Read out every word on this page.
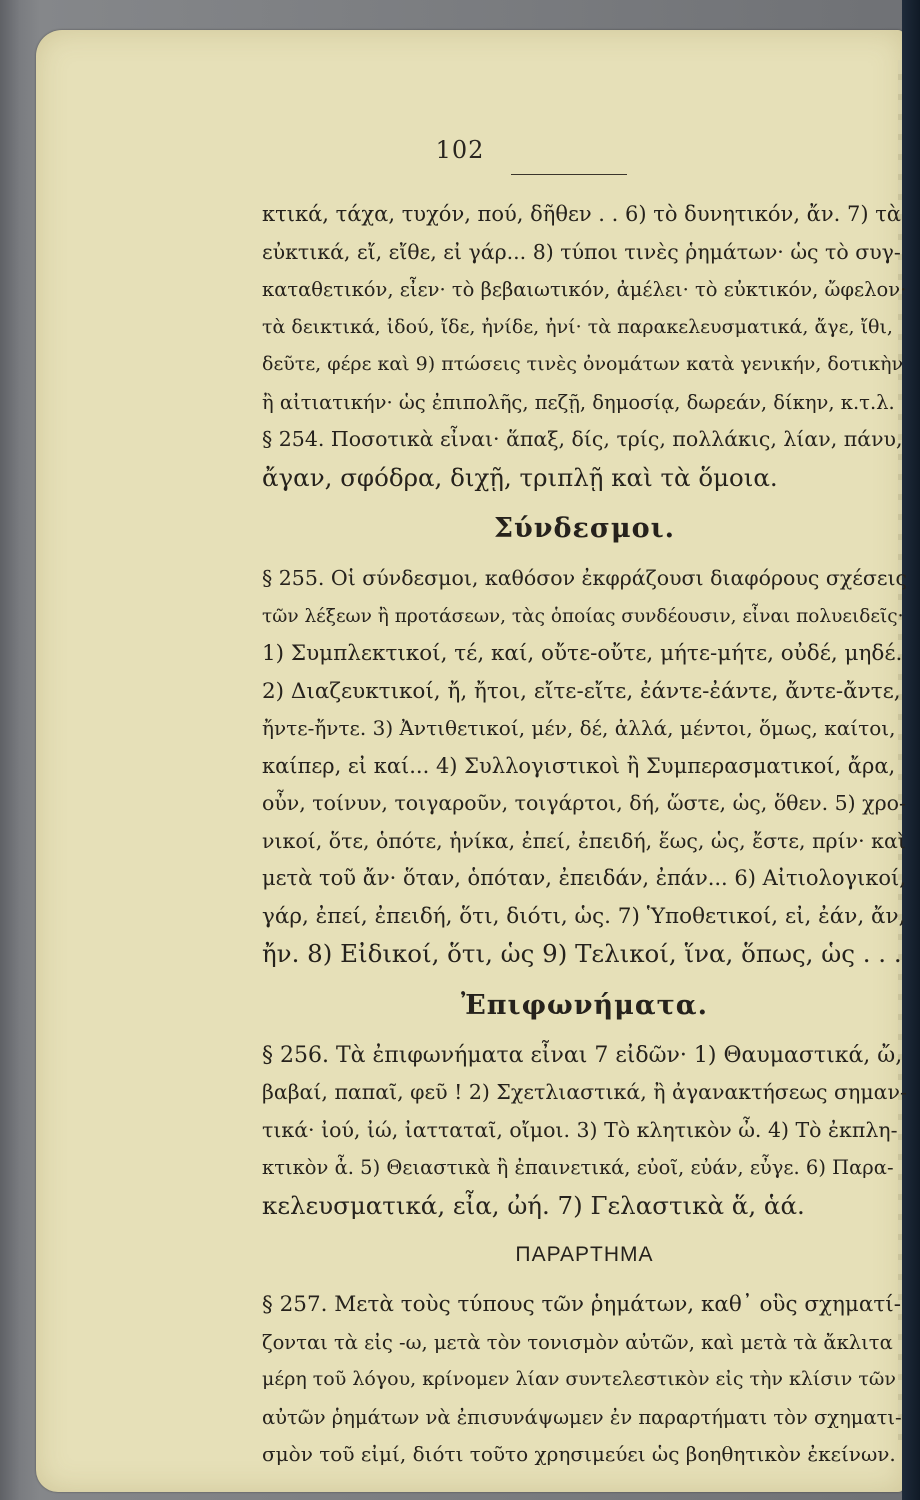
102
κτικά, τάχα, τυχόν, πού, δῆθεν . . 6) τὸ δυνητικόν, ἄν. 7) τὰ
εὐκτικά, εἴ, εἴθε, εἰ γάρ... 8) τύποι τινὲς ῥημάτων· ὡς τὸ συγ-
καταθετικόν, εἶεν· τὸ βεβαιωτικόν, ἀμέλει· τὸ εὐκτικόν, ὤφελον·
τὰ δεικτικά, ἰδού, ἴδε, ἠνίδε, ἠνί· τὰ παρακελευσματικά, ἄγε, ἴθι,
δεῦτε, φέρε καὶ 9) πτώσεις τινὲς ὀνομάτων κατὰ γενικήν, δοτικὴν
ἢ αἰτιατικήν· ὡς ἐπιπολῆς, πεζῇ, δημοσίᾳ, δωρεάν, δίκην, κ.τ.λ.
§ 254. Ποσοτικὰ εἶναι· ἅπαξ, δίς, τρίς, πολλάκις, λίαν, πάνυ,
ἄγαν, σφόδρα, διχῇ, τριπλῇ καὶ τὰ ὅμοια.
Σύνδεσμοι.
§ 255. Οἱ σύνδεσμοι, καθόσον ἐκφράζουσι διαφόρους σχέσεις
τῶν λέξεων ἢ προτάσεων, τὰς ὁποίας συνδέουσιν, εἶναι πολυειδεῖς·
1) Συμπλεκτικοί, τέ, καί, οὔτε-οὔτε, μήτε-μήτε, οὐδέ, μηδέ.
2) Διαζευκτικοί, ἤ, ἤτοι, εἴτε-εἴτε, ἐάντε-ἐάντε, ἄντε-ἄντε,
ἤντε-ἤντε. 3) Ἀντιθετικοί, μέν, δέ, ἀλλά, μέντοι, ὅμως, καίτοι,
καίπερ, εἰ καί... 4) Συλλογιστικοὶ ἢ Συμπερασματικοί, ἄρα,
οὖν, τοίνυν, τοιγαροῦν, τοιγάρτοι, δή, ὥστε, ὡς, ὅθεν. 5) χρο-
νικοί, ὅτε, ὁπότε, ἡνίκα, ἐπεί, ἐπειδή, ἕως, ὡς, ἔστε, πρίν· καὶ
μετὰ τοῦ ἄν· ὅταν, ὁπόταν, ἐπειδάν, ἐπάν... 6) Αἰτιολογικοί,
γάρ, ἐπεί, ἐπειδή, ὅτι, διότι, ὡς. 7) Ὑποθετικοί, εἰ, ἐάν, ἄν,
ἤν. 8) Εἰδικοί, ὅτι, ὡς 9) Τελικοί, ἵνα, ὅπως, ὡς . . .
Ἐπιφωνήματα.
§ 256. Τὰ ἐπιφωνήματα εἶναι 7 εἰδῶν· 1) Θαυμαστικά, ὤ,
βαβαί, παπαῖ, φεῦ ! 2) Σχετλιαστικά, ἢ ἀγανακτήσεως σημαν-
τικά· ἰού, ἰώ, ἰατταταῖ, οἴμοι. 3) Τὸ κλητικὸν ὦ. 4) Τὸ ἐκπλη-
κτικὸν ἆ. 5) Θειαστικὰ ἢ ἐπαινετικά, εὐοῖ, εὐάν, εὖγε. 6) Παρα-
κελευσματικά, εἶα, ὠή. 7) Γελαστικὰ ἅ, ἁά.
ΠΑΡΑΡΤΗΜΑ
§ 257. Μετὰ τοὺς τύπους τῶν ῥημάτων, καθ᾽ οὓς σχηματί-
ζονται τὰ εἰς -ω, μετὰ τὸν τονισμὸν αὐτῶν, καὶ μετὰ τὰ ἄκλιτα
μέρη τοῦ λόγου, κρίνομεν λίαν συντελεστικὸν εἰς τὴν κλίσιν τῶν
αὐτῶν ῥημάτων νὰ ἐπισυνάψωμεν ἐν παραρτήματι τὸν σχηματι-
σμὸν τοῦ εἰμί, διότι τοῦτο χρησιμεύει ὡς βοηθητικὸν ἐκείνων.
